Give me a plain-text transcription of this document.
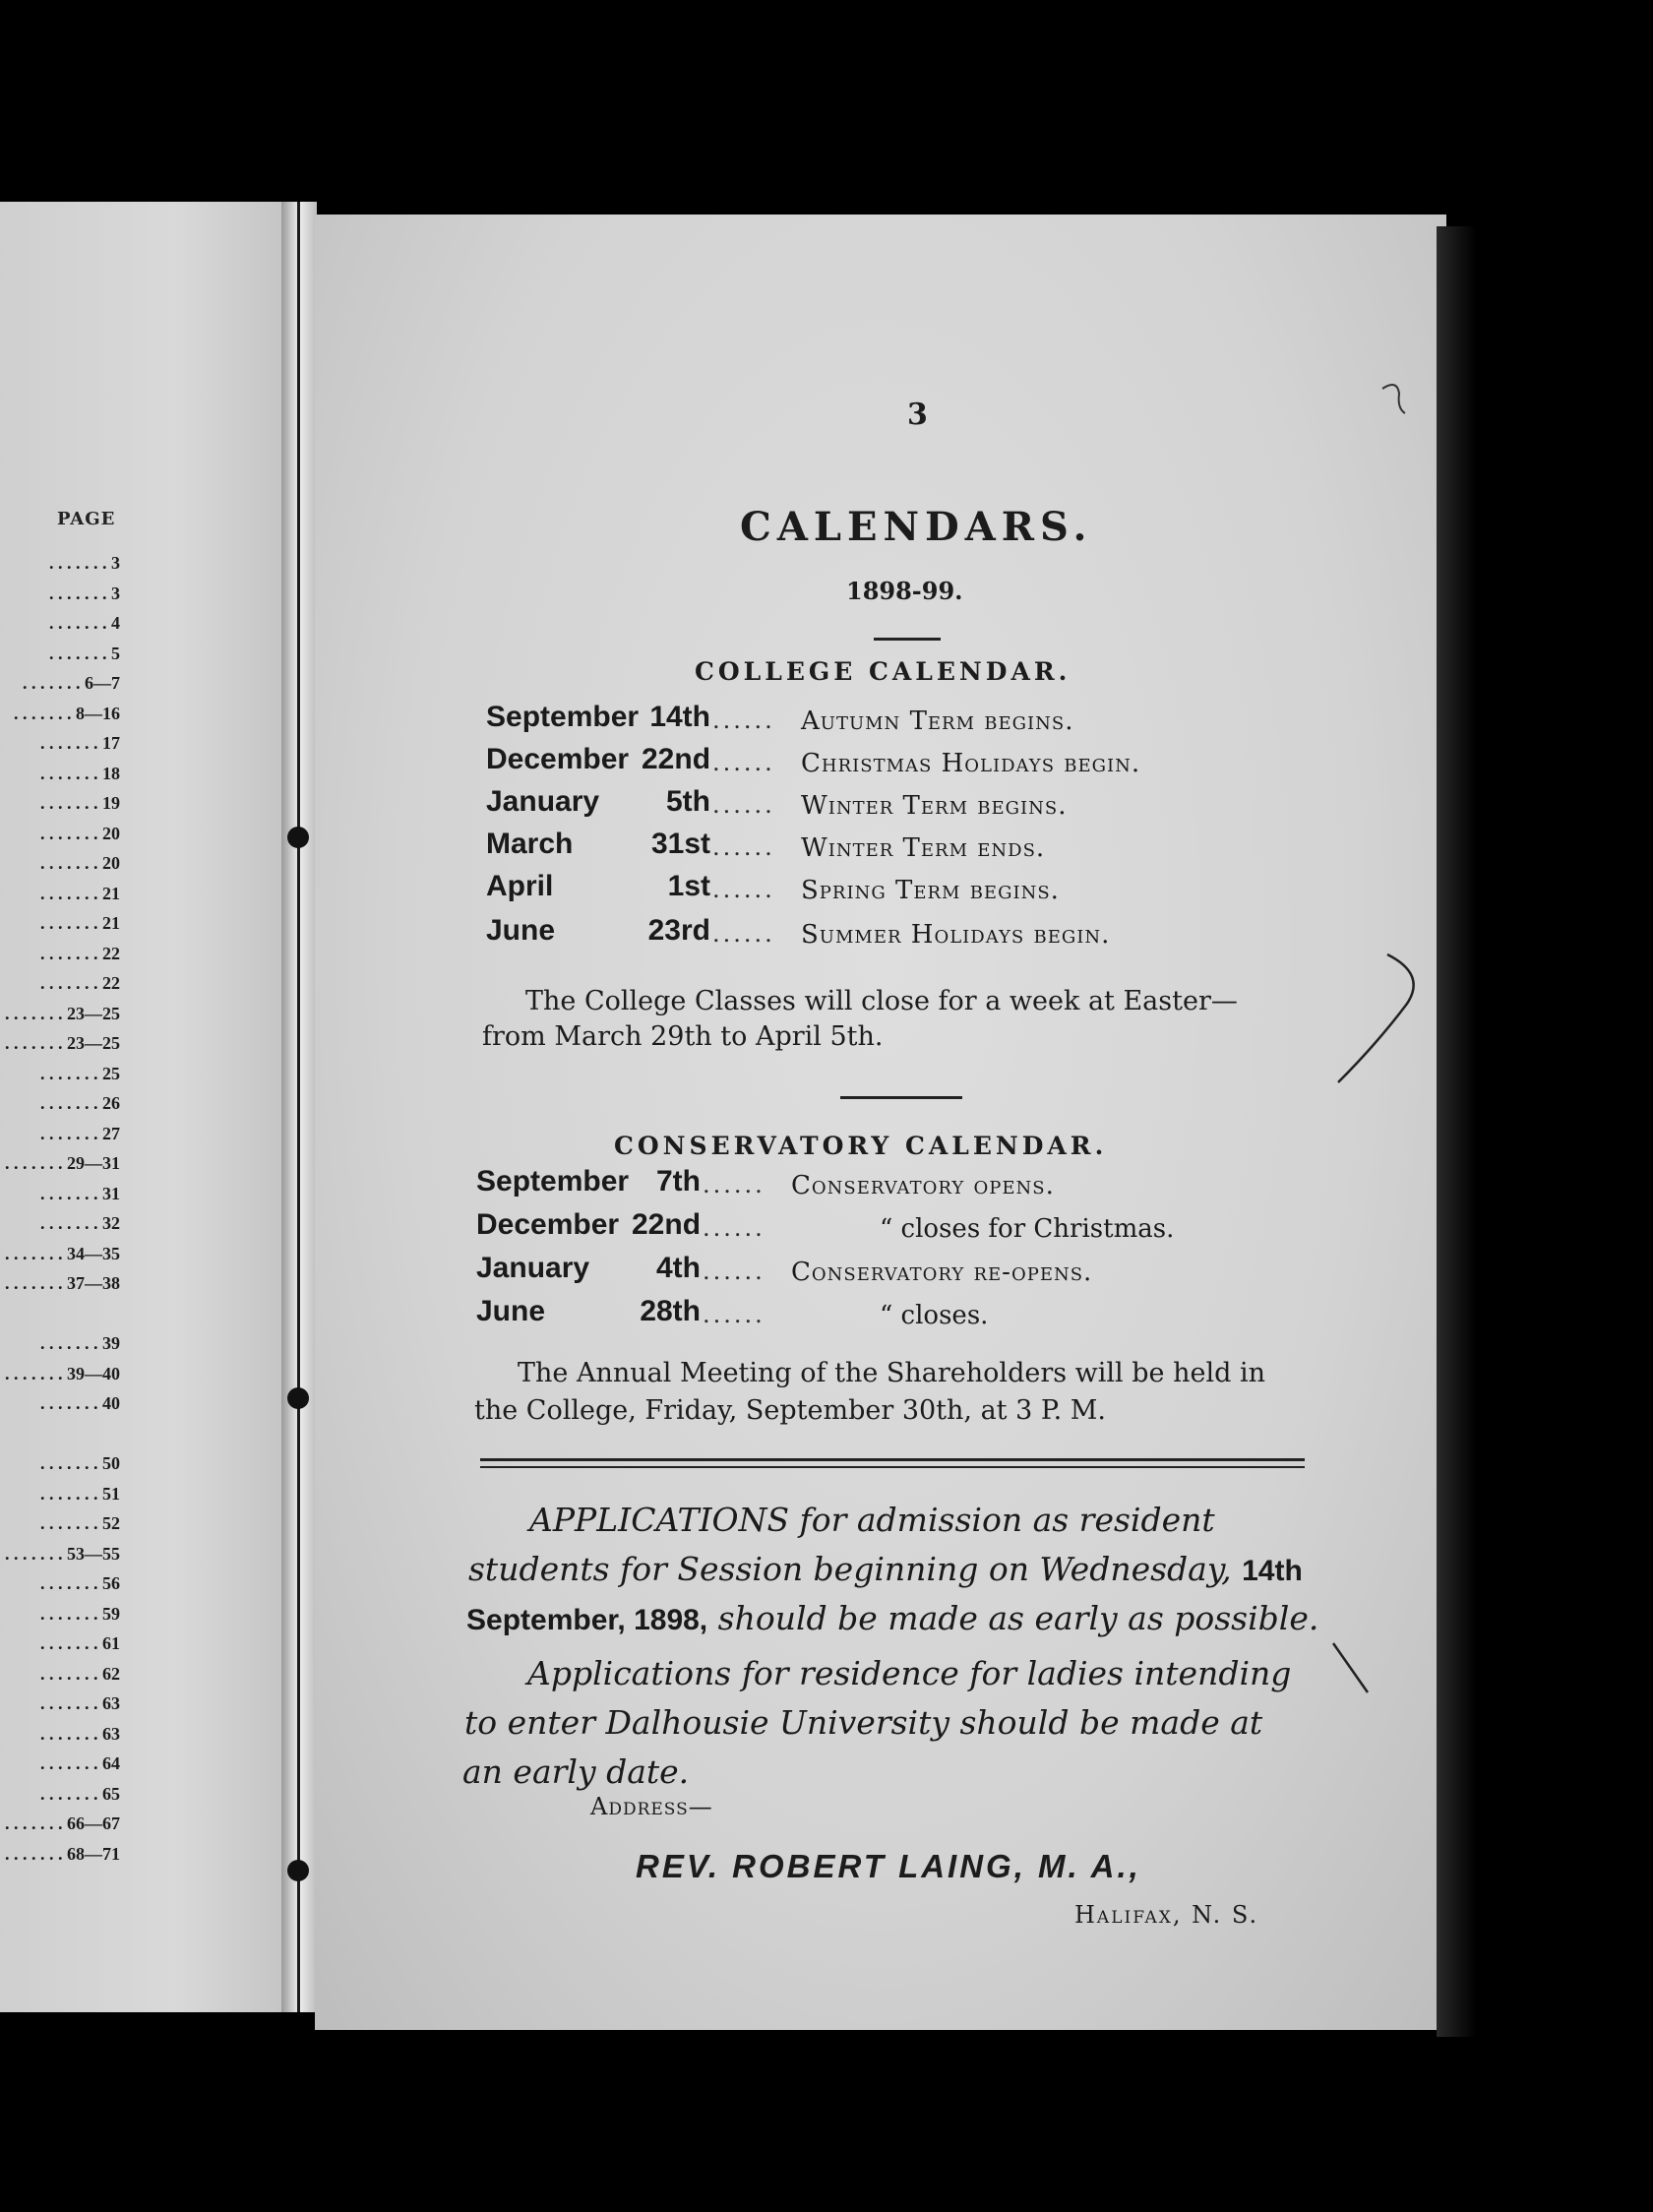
PAGE
. . . . . . . 3
. . . . . . . 3
. . . . . . . 4
. . . . . . . 5
. . . . . . . 6—7
. . . . . . . 8—16
. . . . . . . 17
. . . . . . . 18
. . . . . . . 19
. . . . . . . 20
. . . . . . . 20
. . . . . . . 21
. . . . . . . 21
. . . . . . . 22
. . . . . . . 22
. . . . . . . 23—25
. . . . . . . 23—25
. . . . . . . 25
. . . . . . . 26
. . . . . . . 27
. . . . . . . 29—31
. . . . . . . 31
. . . . . . . 32
. . . . . . . 34—35
. . . . . . . 37—38
. . . . . . . 39
. . . . . . . 39—40
. . . . . . . 40
. . . . . . . 50
. . . . . . . 51
. . . . . . . 52
. . . . . . . 53—55
. . . . . . . 56
. . . . . . . 59
. . . . . . . 61
. . . . . . . 62
. . . . . . . 63
. . . . . . . 63
. . . . . . . 64
. . . . . . . 65
. . . . . . . 66—67
. . . . . . . 68—71
3
CALENDARS.
1898-99.
COLLEGE CALENDAR.
September 14th ...... Autumn Term begins.
December 22nd ...... Christmas Holidays begin.
January	5th ...... Winter Term begins.
March	31st ...... Winter Term ends.
April	1st ...... Spring Term begins.
June	23rd ...... Summer Holidays begin.
The College Classes will close for a week at Easter—
from March 29th to April 5th.
CONSERVATORY CALENDAR.
September 7th ...... Conservatory opens.
December 22nd ......	“ closes for Christmas.
January	4th ...... Conservatory re-opens.
June	28th ......	“ closes.
The Annual Meeting of the Shareholders will be held in
the College, Friday, September 30th, at 3 P. M.
APPLICATIONS for admission as resident
students for Session beginning on Wednesday, 14th
September, 1898, should be made as early as possible.
Applications for residence for ladies intending
to enter Dalhousie University should be made at
an early date.
Address—
REV. ROBERT LAING, M. A.,
Halifax, N. S.
